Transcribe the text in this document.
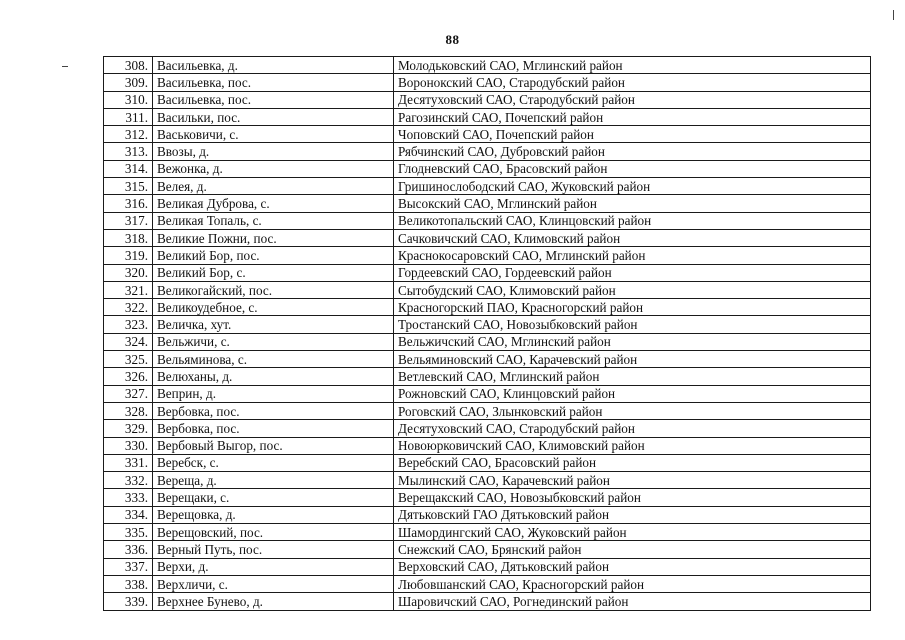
88
308.	Васильевка, д.	Молодьковский САО, Мглинский район
309.	Васильевка, пос.	Воронокский САО, Стародубский район
310.	Васильевка, пос.	Десятуховский САО, Стародубский район
311.	Васильки, пос.	Рагозинский САО, Почепский район
312.	Васьковичи, с.	Чоповский САО, Почепский район
313.	Ввозы, д.	Рябчинский САО, Дубровский район
314.	Вежонка, д.	Глодневский САО, Брасовский район
315.	Велея, д.	Гришинослободский САО, Жуковский район
316.	Великая Дуброва, с.	Высокский САО, Мглинский район
317.	Великая Топаль, с.	Великотопальский САО, Клинцовский район
318.	Великие Пожни, пос.	Сачковичский САО, Климовский район
319.	Великий Бор, пос.	Краснокосаровский САО, Мглинский район
320.	Великий Бор, с.	Гордеевский САО, Гордеевский район
321.	Великогайский, пос.	Сытобудский САО, Климовский район
322.	Великоудебное, с.	Красногорский ПАО, Красногорский район
323.	Величка, хут.	Тростанский САО, Новозыбковский район
324.	Вельжичи, с.	Вельжичский САО, Мглинский район
325.	Вельяминова, с.	Вельяминовский САО, Карачевский район
326.	Велюханы, д.	Ветлевский САО, Мглинский район
327.	Веприн, д.	Рожновский САО, Клинцовский район
328.	Вербовка, пос.	Роговский САО, Злынковский район
329.	Вербовка, пос.	Десятуховский САО, Стародубский район
330.	Вербовый Выгор, пос.	Новоюрковичский САО, Климовский район
331.	Веребск, с.	Веребский САО, Брасовский район
332.	Вереща, д.	Мылинский САО, Карачевский район
333.	Верещаки, с.	Верещакский САО, Новозыбковский район
334.	Верещовка, д.	Дятьковский ГАО Дятьковский район
335.	Верещовский, пос.	Шамордингский САО, Жуковский район
336.	Верный Путь, пос.	Снежский САО, Брянский район
337.	Верхи, д.	Верховский САО, Дятьковский район
338.	Верхличи, с.	Любовшанский САО, Красногорский район
339.	Верхнее Бунево, д.	Шаровичский САО, Рогнединский район
